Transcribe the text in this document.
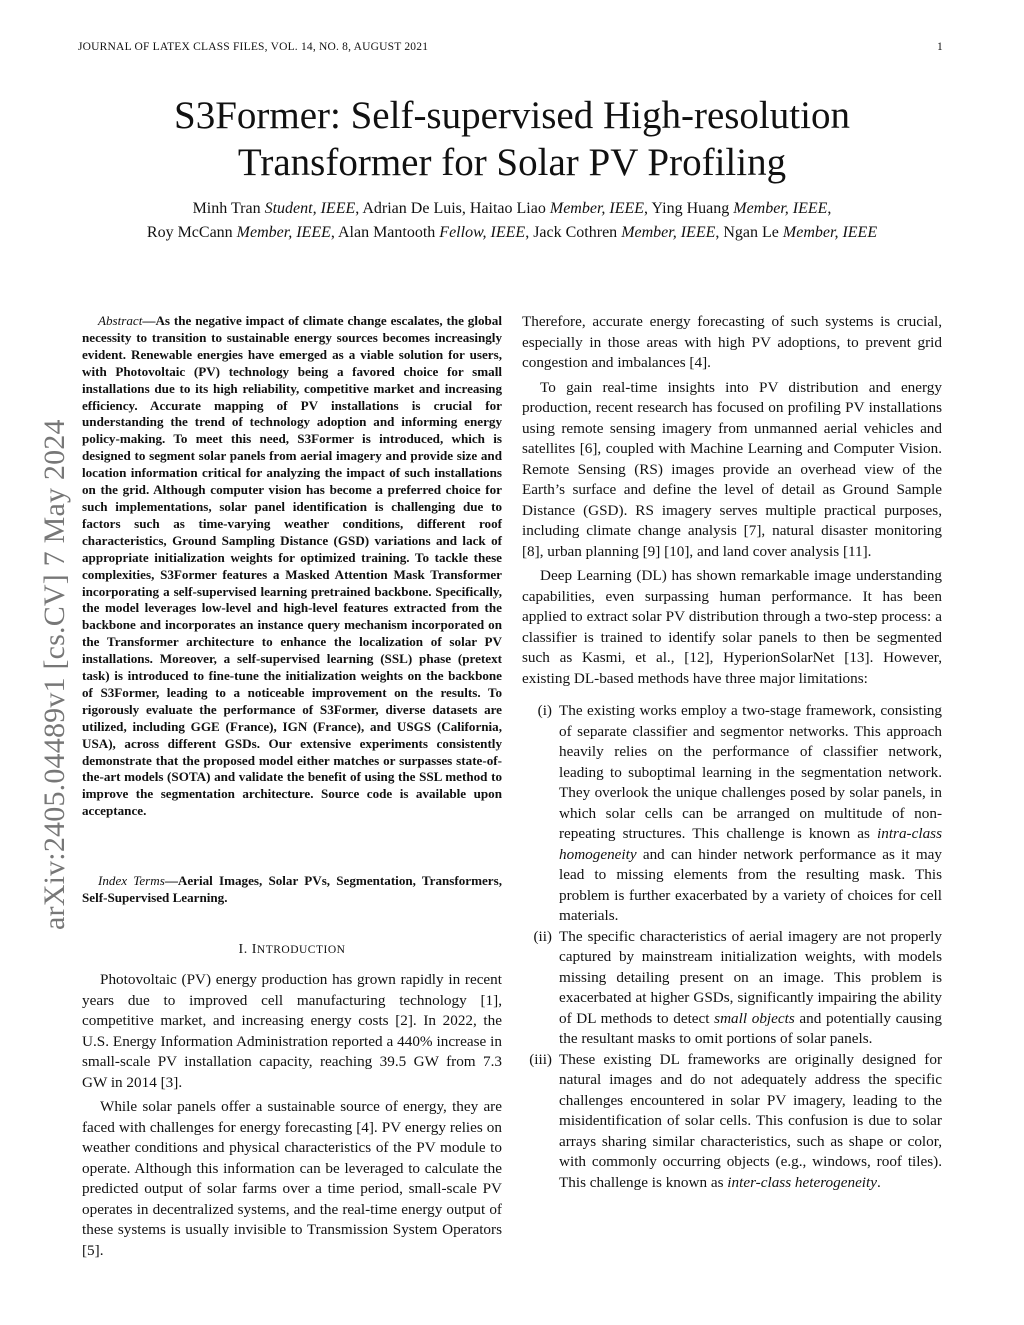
JOURNAL OF LATEX CLASS FILES, VOL. 14, NO. 8, AUGUST 2021	1
S3Former: Self-supervised High-resolution
Transformer for Solar PV Profiling
Minh Tran Student, IEEE, Adrian De Luis, Haitao Liao Member, IEEE, Ying Huang Member, IEEE,
Roy McCann Member, IEEE, Alan Mantooth Fellow, IEEE, Jack Cothren Member, IEEE, Ngan Le Member, IEEE
arXiv:2405.04489v1 [cs.CV] 7 May 2024
Abstract—As the negative impact of climate change escalates, the global necessity to transition to sustainable energy sources becomes increasingly evident. Renewable energies have emerged as a viable solution for users, with Photovoltaic (PV) technology being a favored choice for small installations due to its high reliability, competitive market and increasing efficiency. Accurate mapping of PV installations is crucial for understanding the trend of technology adoption and informing energy policy-making. To meet this need, S3Former is introduced, which is designed to segment solar panels from aerial imagery and provide size and location information critical for analyzing the impact of such installations on the grid. Although computer vision has become a preferred choice for such implementations, solar panel identification is challenging due to factors such as time-varying weather conditions, different roof characteristics, Ground Sampling Distance (GSD) variations and lack of appropriate initialization weights for optimized training. To tackle these complexities, S3Former features a Masked Attention Mask Transformer incorporating a self-supervised learning pretrained backbone. Specifically, the model leverages low-level and high-level features extracted from the backbone and incorporates an instance query mechanism incorporated on the Transformer architecture to enhance the localization of solar PV installations. Moreover, a self-supervised learning (SSL) phase (pretext task) is introduced to fine-tune the initialization weights on the backbone of S3Former, leading to a noticeable improvement on the results. To rigorously evaluate the performance of S3Former, diverse datasets are utilized, including GGE (France), IGN (France), and USGS (California, USA), across different GSDs. Our extensive experiments consistently demonstrate that the proposed model either matches or surpasses state-of-the-art models (SOTA) and validate the benefit of using the SSL method to improve the segmentation architecture. Source code is available upon acceptance.
Index Terms—Aerial Images, Solar PVs, Segmentation, Transformers, Self-Supervised Learning.
I. INTRODUCTION

Photovoltaic (PV) energy production has grown rapidly in recent years due to improved cell manufacturing technology [1], competitive market, and increasing energy costs [2]. In 2022, the U.S. Energy Information Administration reported a 440% increase in small-scale PV installation capacity, reaching 39.5 GW from 7.3 GW in 2014 [3].

While solar panels offer a sustainable source of energy, they are faced with challenges for energy forecasting [4]. PV energy relies on weather conditions and physical characteristics of the PV module to operate. Although this information can be leveraged to calculate the predicted output of solar farms over a time period, small-scale PV operates in decentralized systems, and the real-time energy output of these systems is usually invisible to Transmission System Operators [5].

Therefore, accurate energy forecasting of such systems is crucial, especially in those areas with high PV adoptions, to prevent grid congestion and imbalances [4].

To gain real-time insights into PV distribution and energy production, recent research has focused on profiling PV installations using remote sensing imagery from unmanned aerial vehicles and satellites [6], coupled with Machine Learning and Computer Vision. Remote Sensing (RS) images provide an overhead view of the Earth’s surface and define the level of detail as Ground Sample Distance (GSD). RS imagery serves multiple practical purposes, including climate change analysis [7], natural disaster monitoring [8], urban planning [9] [10], and land cover analysis [11].

Deep Learning (DL) has shown remarkable image understanding capabilities, even surpassing human performance. It has been applied to extract solar PV distribution through a two-step process: a classifier is trained to identify solar panels to then be segmented such as Kasmi, et al., [12], HyperionSolarNet [13]. However, existing DL-based methods have three major limitations:

(i) The existing works employ a two-stage framework, consisting of separate classifier and segmentor networks. This approach heavily relies on the performance of classifier network, leading to suboptimal learning in the segmentation network. They overlook the unique challenges posed by solar panels, in which solar cells can be arranged on multitude of non-repeating structures. This challenge is known as intra-class homogeneity and can hinder network performance as it may lead to missing elements from the resulting mask. This problem is further exacerbated by a variety of choices for cell materials.
(ii) The specific characteristics of aerial imagery are not properly captured by mainstream initialization weights, with models missing detailing present on an image. This problem is exacerbated at higher GSDs, significantly impairing the ability of DL methods to detect small objects and potentially causing the resultant masks to omit portions of solar panels.
(iii) These existing DL frameworks are originally designed for natural images and do not adequately address the specific challenges encountered in solar PV imagery, leading to the misidentification of solar cells. This confusion is due to solar arrays sharing similar characteristics, such as shape or color, with commonly occurring objects (e.g., windows, roof tiles). This challenge is known as inter-class heterogeneity.
